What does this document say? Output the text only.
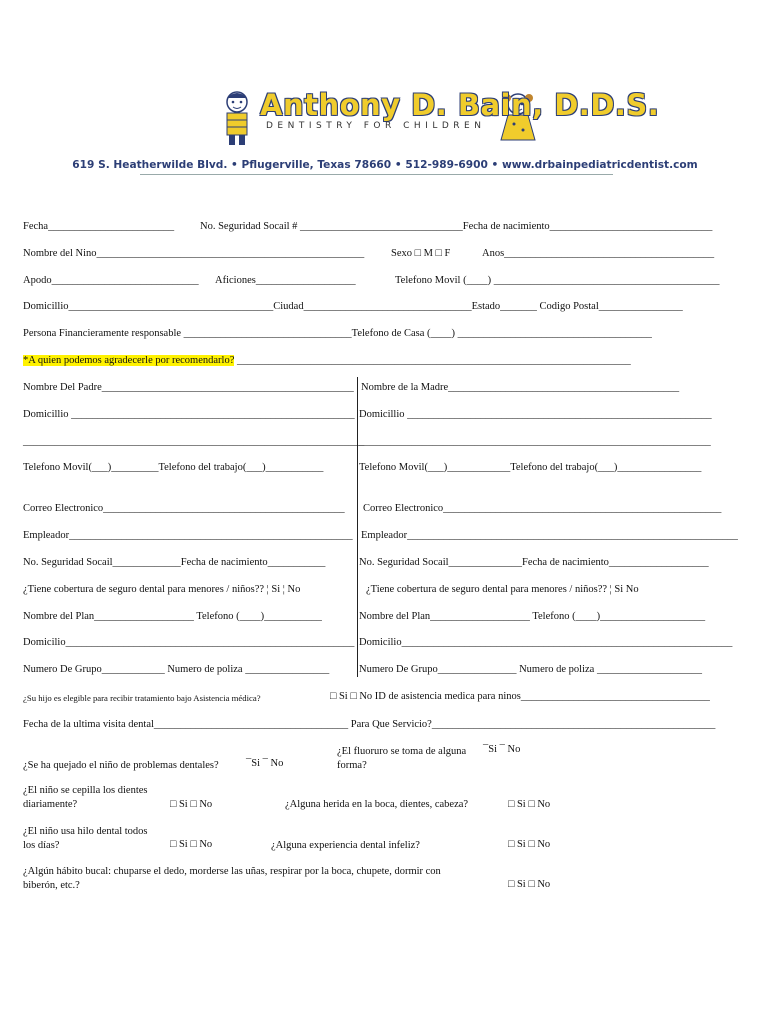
Anthony D. Bain, D.D.S.
DENTISTRY FOR CHILDREN
619 S. Heatherwilde Blvd. • Pflugerville, Texas 78660 • 512-989-6900 • www.drbainpediatricdentist.com
Fecha________________________ No. Seguridad Socail # _______________________________Fecha de nacimiento_______________________________
Nombre del Nino___________________________________________________	Sexo □ M □ F	Anos________________________________________
Apodo____________________________ Aficiones___________________	Telefono Movil (____) ___________________________________________
Domicillio_______________________________________Ciudad________________________________Estado_______ Codigo Postal________________
Persona Financieramente responsable ________________________________Telefono de Casa (____) _____________________________________
*A quien podemos agradecerle por recomendarlo? ___________________________________________________________________________
Nombre Del Padre________________________________________________ Nombre de la Madre____________________________________________
Domicillio ______________________________________________________ Domicillio __________________________________________________________
_________________________________________________________________
___________________________________________________________________
Telefono Movil(___)_________Telefono del trabajo(___)___________	Telefono Movil(___)____________Telefono del trabajo(___)________________
Correo Electronico______________________________________________ Correo Electronico_____________________________________________________
Empleador______________________________________________________ Empleador_______________________________________________________________
No. Seguridad Socail_____________Fecha de nacimiento___________	No. Seguridad Socail______________Fecha de nacimiento___________________
¿Tiene cobertura de seguro dental para menores / niños?? ¦ Si ¦ No	¿Tiene cobertura de seguro dental para menores / niños?? ¦ Si No
Nombre del Plan___________________ Telefono (____)___________	Nombre del Plan___________________ Telefono (____)____________________
Domicilio_______________________________________________________ Domicilio_______________________________________________________________
Numero De Grupo____________ Numero de poliza ________________	Numero De Grupo_______________ Numero de poliza ____________________
¿Su hijo es elegible para recibir tratamiento bajo Asistencia médica?	□ Si □ No ID de asistencia medica para ninos____________________________________
Fecha de la ultima visita dental_____________________________________ Para Que Servicio?______________________________________________________
¿Se ha quejado el niño de problemas dentales?	¯Si ¯ No
¿El fluoruro se toma de alguna
forma?
¯Si ¯ No
¿El niño se cepilla los dientes
diariamente?	□ Si □ No	¿Alguna herida en la boca, dientes, cabeza?	□ Si □ No
¿El niño usa hilo dental todos
los días?	□ Si □ No	¿Alguna experiencia dental infeliz?	□ Si □ No
¿Algún hábito bucal: chuparse el dedo, morderse las uñas, respirar por la boca, chupete, dormir con
biberón, etc.?	□ Si □ No
